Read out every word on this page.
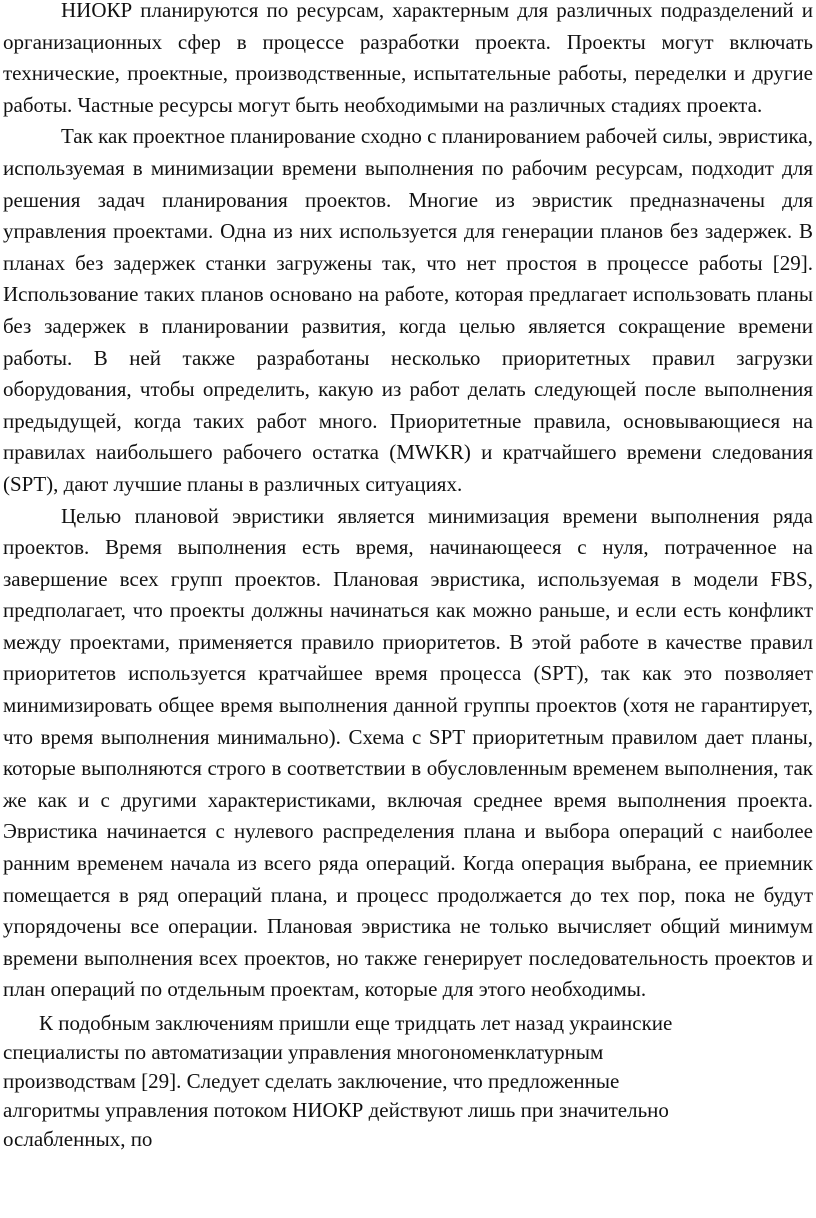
НИОКР планируются по ресурсам, характерным для различных подразделений и организационных сфер в процессе разработки проекта. Проекты могут включать технические, проектные, производственные, испытательные работы, переделки и другие работы. Частные ресурсы могут быть необходимыми на различных стадиях проекта.

Так как проектное планирование сходно с планированием рабочей силы, эвристика, используемая в минимизации времени выполнения по рабочим ресурсам, подходит для решения задач планирования проектов. Многие из эвристик предназначены для управления проектами. Одна из них используется для генерации планов без задержек. В планах без задержек станки загружены так, что нет простоя в процессе работы [29]. Использование таких планов основано на работе, которая предлагает использовать планы без задержек в планировании развития, когда целью является сокращение времени работы. В ней также разработаны несколько приоритетных правил загрузки оборудования, чтобы определить, какую из работ делать следующей после выполнения предыдущей, когда таких работ много. Приоритетные правила, основывающиеся на правилах наибольшего рабочего остатка (MWKR) и кратчайшего времени следования (SPT), дают лучшие планы в различных ситуациях.

Целью плановой эвристики является минимизация времени выполнения ряда проектов. Время выполнения есть время, начинающееся с нуля, потраченное на завершение всех групп проектов. Плановая эвристика, используемая в модели FBS, предполагает, что проекты должны начинаться как можно раньше, и если есть конфликт между проектами, применяется правило приоритетов. В этой работе в качестве правил приоритетов используется кратчайшее время процесса (SPT), так как это позволяет минимизировать общее время выполнения данной группы проектов (хотя не гарантирует, что время выполнения минимально). Схема с SPT приоритетным правилом дает планы, которые выполняются строго в соответствии в обусловленным временем выполнения, так же как и с другими характеристиками, включая среднее время выполнения проекта. Эвристика начинается с нулевого распределения плана и выбора операций с наиболее ранним временем начала из всего ряда операций. Когда операция выбрана, ее приемник помещается в ряд операций плана, и процесс продолжается до тех пор, пока не будут упорядочены все операции. Плановая эвристика не только вычисляет общий минимум времени выполнения всех проектов, но также генерирует последовательность проектов и план операций по отдельным проектам, которые для этого необходимы.

К подобным заключениям пришли еще тридцать лет назад украинские
специалисты по автоматизации управления многономенклатурным
производствам [29]. Следует сделать заключение, что предложенные
алгоритмы управления потоком НИОКР действуют лишь при значительно
ослабленных, по
